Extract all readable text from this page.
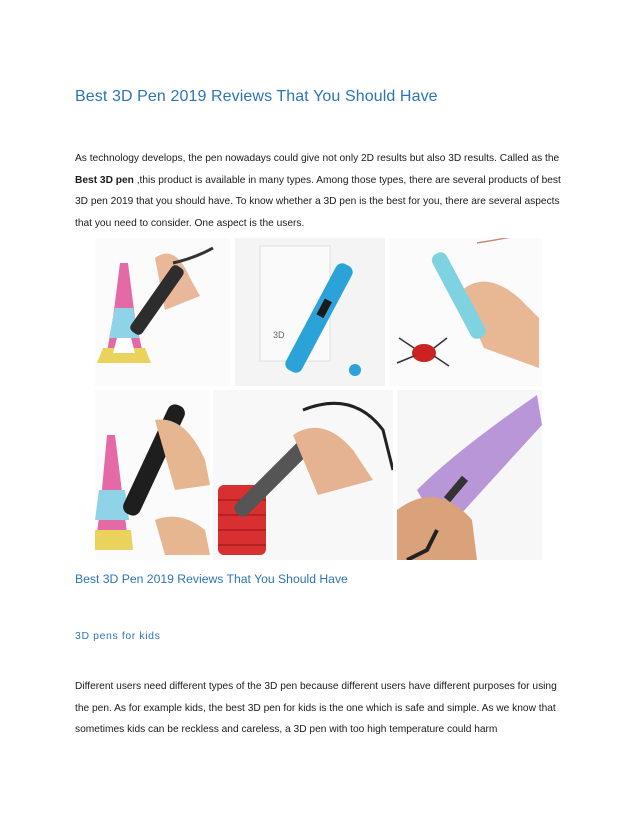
Best 3D Pen 2019 Reviews That You Should Have
As technology develops, the pen nowadays could give not only 2D results but also 3D results. Called as the Best 3D pen ,this product is available in many types. Among those types, there are several products of best 3D pen 2019 that you should have. To know whether a 3D pen is the best for you, there are several aspects that you need to consider. One aspect is the users.
3D
Best 3D Pen 2019 Reviews That You Should Have
3D pens for kids
Different users need different types of the 3D pen because different users have different purposes for using the pen. As for example kids, the best 3D pen for kids is the one which is safe and simple. As we know that sometimes kids can be reckless and careless, a 3D pen with too high temperature could harm
